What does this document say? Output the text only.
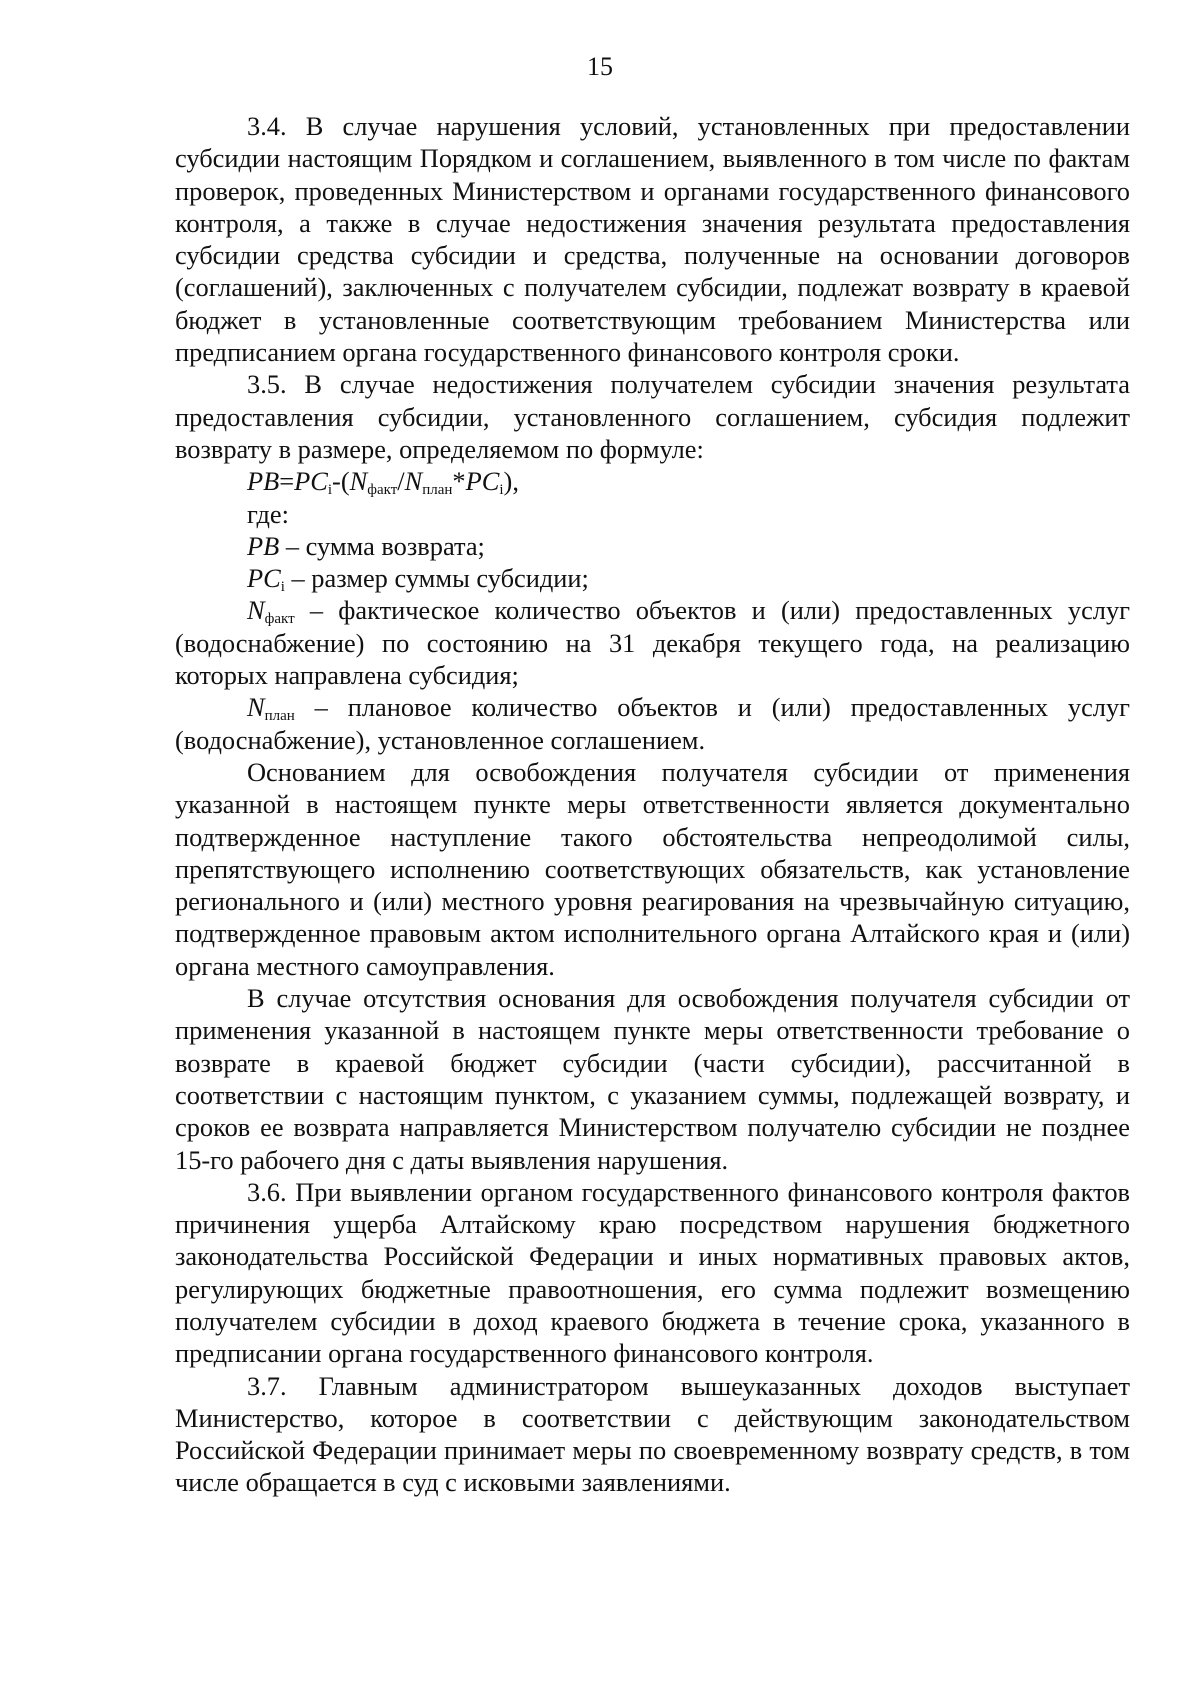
15

3.4. В случае нарушения условий, установленных при предоставлении субсидии настоящим Порядком и соглашением, выявленного в том числе по фактам проверок, проведенных Министерством и органами государственного финансового контроля, а также в случае недостижения значения результата предоставления субсидии средства субсидии и средства, полученные на основании договоров (соглашений), заключенных с получателем субсидии, подлежат возврату в краевой бюджет в установленные соответствующим требованием Министерства или предписанием органа государственного финансового контроля сроки.

3.5. В случае недостижения получателем субсидии значения результата предоставления субсидии, установленного соглашением, субсидия подлежит возврату в размере, определяемом по формуле:

$PB=PC_i-(N_{факт}/N_{план}*PC_i)$,
где:
PB – сумма возврата;
$PC_i$ – размер суммы субсидии;

$N_{факт}$ – фактическое количество объектов и (или) предоставленных услуг (водоснабжение) по состоянию на 31 декабря текущего года, на реализацию которых направлена субсидия;

$N_{план}$ – плановое количество объектов и (или) предоставленных услуг (водоснабжение), установленное соглашением.

Основанием для освобождения получателя субсидии от применения указанной в настоящем пункте меры ответственности является документально подтвержденное наступление такого обстоятельства непреодолимой силы, препятствующего исполнению соответствующих обязательств, как установление регионального и (или) местного уровня реагирования на чрезвычайную ситуацию, подтвержденное правовым актом исполнительного органа Алтайского края и (или) органа местного самоуправления.

В случае отсутствия основания для освобождения получателя субсидии от применения указанной в настоящем пункте меры ответственности требование о возврате в краевой бюджет субсидии (части субсидии), рассчитанной в соответствии с настоящим пунктом, с указанием суммы, подлежащей возврату, и сроков ее возврата направляется Министерством получателю субсидии не позднее 15-го рабочего дня с даты выявления нарушения.

3.6. При выявлении органом государственного финансового контроля фактов причинения ущерба Алтайскому краю посредством нарушения бюджетного законодательства Российской Федерации и иных нормативных правовых актов, регулирующих бюджетные правоотношения, его сумма подлежит возмещению получателем субсидии в доход краевого бюджета в течение срока, указанного в предписании органа государственного финансового контроля.

3.7. Главным администратором вышеуказанных доходов выступает Министерство, которое в соответствии с действующим законодательством Российской Федерации принимает меры по своевременному возврату средств, в том числе обращается в суд с исковыми заявлениями.
